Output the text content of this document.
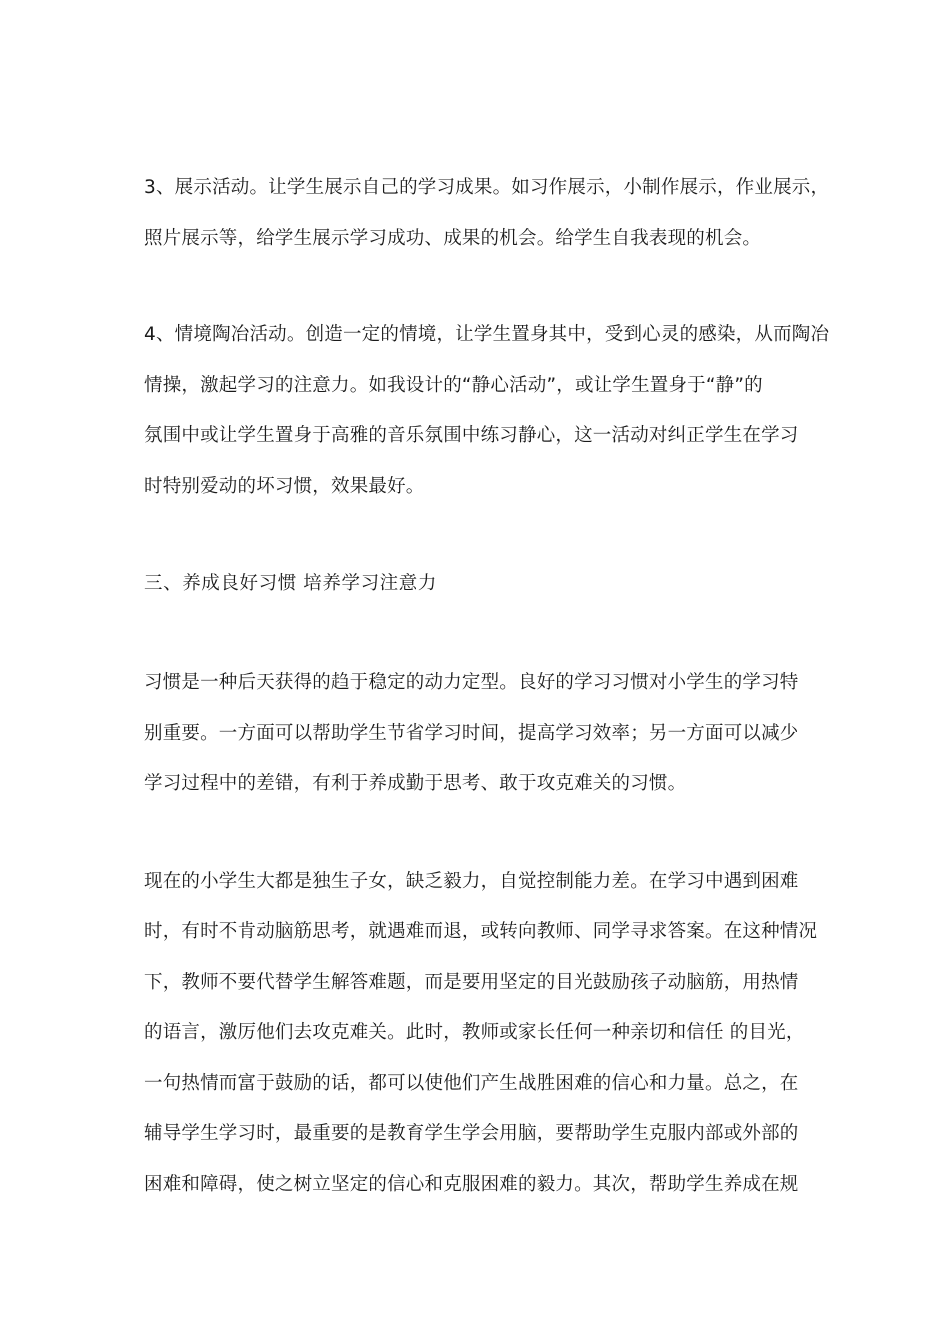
3、展示活动。让学生展示自己的学习成果。如习作展示，小制作展示，作业展示，
照片展示等，给学生展示学习成功、成果的机会。给学生自我表现的机会。
4、情境陶冶活动。创造一定的情境，让学生置身其中，受到心灵的感染，从而陶冶
情操，激起学习的注意力。如我设计的“静心活动”，或让学生置身于“静”的
氛围中或让学生置身于高雅的音乐氛围中练习静心，这一活动对纠正学生在学习
时特别爱动的坏习惯，效果最好。
三、养成良好习惯 培养学习注意力
习惯是一种后天获得的趋于稳定的动力定型。良好的学习习惯对小学生的学习特
别重要。一方面可以帮助学生节省学习时间，提高学习效率；另一方面可以减少
学习过程中的差错，有利于养成勤于思考、敢于攻克难关的习惯。
现在的小学生大都是独生子女，缺乏毅力，自觉控制能力差。在学习中遇到困难
时，有时不肯动脑筋思考，就遇难而退，或转向教师、同学寻求答案。在这种情况
下，教师不要代替学生解答难题，而是要用坚定的目光鼓励孩子动脑筋，用热情
的语言，激厉他们去攻克难关。此时，教师或家长任何一种亲切和信任 的目光，
一句热情而富于鼓励的话，都可以使他们产生战胜困难的信心和力量。总之，在
辅导学生学习时，最重要的是教育学生学会用脑，要帮助学生克服内部或外部的
困难和障碍，使之树立坚定的信心和克服困难的毅力。其次，帮助学生养成在规
